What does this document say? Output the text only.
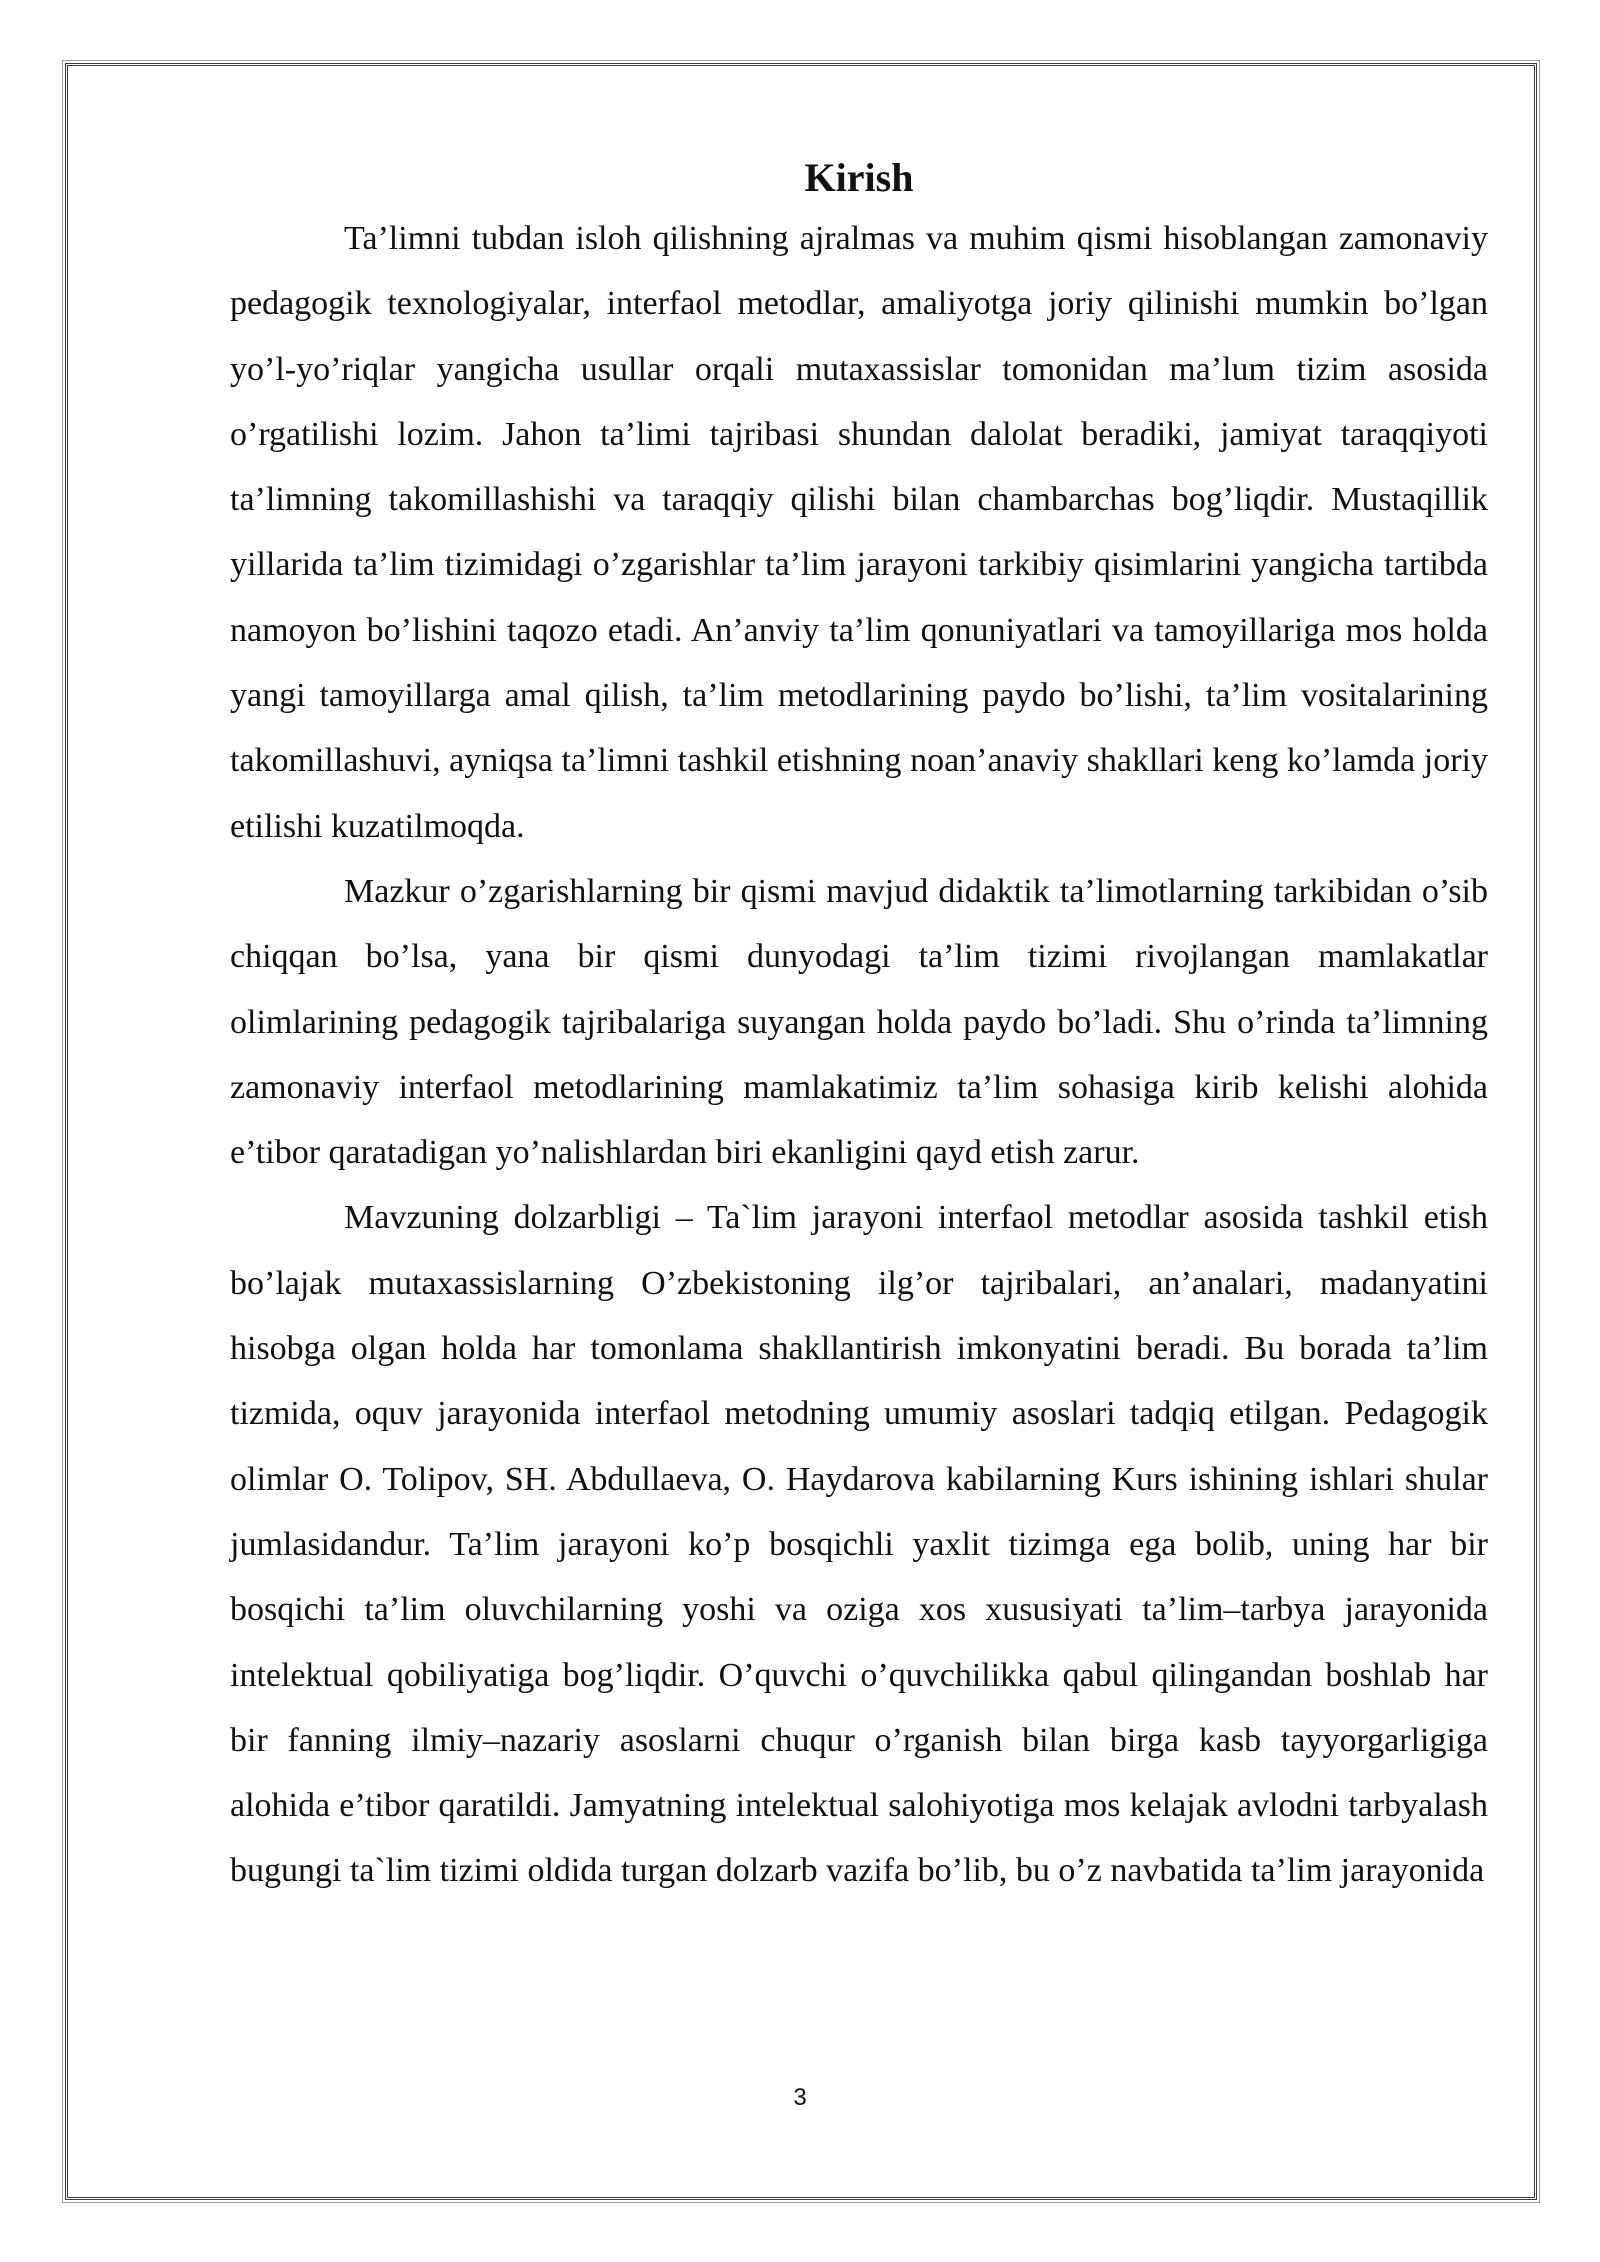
Kirish

Ta’limni tubdan isloh qilishning ajralmas va muhim qismi hisoblangan zamonaviy pedagogik texnologiyalar, interfaol metodlar, amaliyotga joriy qilinishi mumkin bo’lgan yo’l-yo’riqlar yangicha usullar orqali mutaxassislar tomonidan ma’lum tizim asosida o’rgatilishi lozim. Jahon ta’limi tajribasi shundan dalolat beradiki, jamiyat taraqqiyoti ta’limning takomillashishi va taraqqiy qilishi bilan chambarchas bog’liqdir. Mustaqillik yillarida ta’lim tizimidagi o’zgarishlar ta’lim jarayoni tarkibiy qisimlarini yangicha tartibda namoyon bo’lishini taqozo etadi. An’anviy ta’lim qonuniyatlari va tamoyillariga mos holda yangi tamoyillarga amal qilish, ta’lim metodlarining paydo bo’lishi, ta’lim vositalarining takomillashuvi, ayniqsa ta’limni tashkil etishning noan’anaviy shakllari keng ko’lamda joriy etilishi kuzatilmoqda.

Mazkur o’zgarishlarning bir qismi mavjud didaktik ta’limotlarning tarkibidan o’sib chiqqan bo’lsa, yana bir qismi dunyodagi ta’lim tizimi rivojlangan mamlakatlar olimlarining pedagogik tajribalariga suyangan holda paydo bo’ladi. Shu o’rinda ta’limning zamonaviy interfaol metodlarining mamlakatimiz ta’lim sohasiga kirib kelishi alohida e’tibor qaratadigan yo’nalishlardan biri ekanligini qayd etish zarur.

Mavzuning dolzarbligi – Ta`lim jarayoni interfaol metodlar asosida tashkil etish bo’lajak mutaxassislarning O’zbekistoning ilg’or tajribalari, an’analari, madanyatini hisobga olgan holda har tomonlama shakllantirish imkonyatini beradi. Bu borada ta’lim tizmida, oquv jarayonida interfaol metodning umumiy asoslari tadqiq etilgan. Pedagogik olimlar O. Tolipov, SH. Abdullaeva, O. Haydarova kabilarning Kurs ishining ishlari shular jumlasidandur. Ta’lim jarayoni ko’p bosqichli yaxlit tizimga ega bolib, uning har bir bosqichi ta’lim oluvchilarning yoshi va oziga xos xususiyati ta’lim–tarbya jarayonida intelektual qobiliyatiga bog’liqdir. O’quvchi o’quvchilikka qabul qilingandan boshlab har bir fanning ilmiy–nazariy asoslarni chuqur o’rganish bilan birga kasb tayyorgarligiga alohida e’tibor qaratildi. Jamyatning intelektual salohiyotiga mos kelajak avlodni tarbyalash bugungi ta`lim tizimi oldida turgan dolzarb vazifa bo’lib, bu o’z navbatida ta’lim jarayonida

3
